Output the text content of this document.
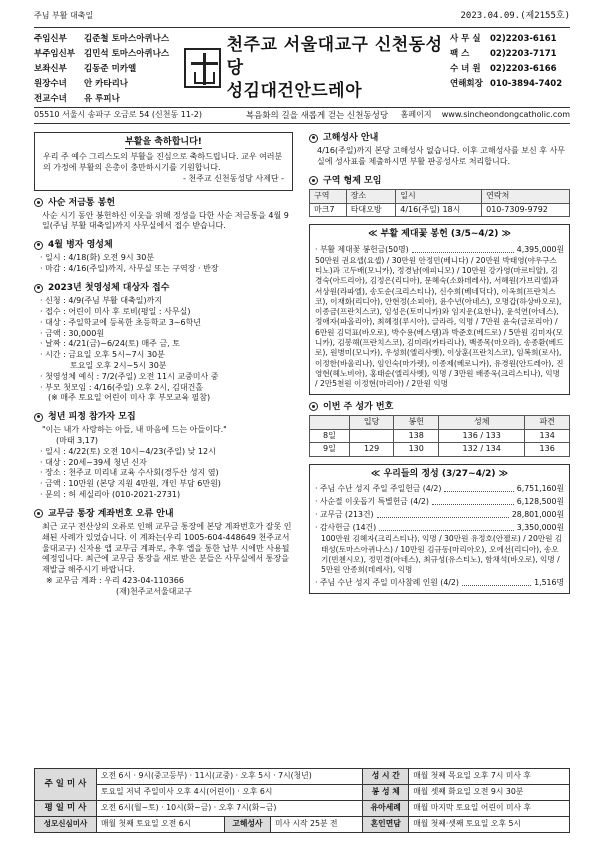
주님 부활 대축일	2023.04.09.(제2155호)
주임신부 김준철 토마스아퀴나스
부주임신부 김민석 토마스아퀴나스
보좌신부 김동준 미카엘
원장수녀 안 카타리나
전교수녀 유 루피나
천주교 서울대교구 신천동성당
성김대건안드레아
복음화의 길을 새롭게 걷는 신천동성당
사 무 실	02)2203-6161
팩 스	02)2203-7171
수 녀 원	02)2203-6166
연해회장 010-3894-7402
05510 서울시 송파구 오금로 54 (신천동 11-2)	홈페이지 www.sincheondongcatholic.com
부활을 축하합니다!

우리 주 예수 그리스도의 부활을 진심으로 축하드립니다. 교우 여러분의 가정에 부활의 은총이 충만하시기를 기원합니다.

- 천주교 신천동성당 사제단 -
사순 저금통 봉헌

사순 시기 동안 봉헌하신 이웃을 위해 정성을 다한 사순 저금통을 4월 9일(주님 부활 대축일)까지 사무실에서 접수 받습니다.

4월 병자 영성체
· 일시 : 4/18(화) 오전 9시 30분
· 마감 : 4/16(주일)까지, 사무실 또는 구역장 · 반장
2023년 첫영성체 대상자 접수
· 신청 : 4/9(주님 부활 대축일)까지
· 접수 : 어린이 미사 후 로비(평일 : 사무실)
· 대상 : 주일학교에 등록한 초등학교 3~6학년
· 금액 : 30,000원
· 날짜 : 4/21(금)~6/24(토) 매주 금, 토
· 시간 : 금요일 오후 5시~7시 30분
토요일 오후 2시~5시 30분
· 첫영성체 예식 : 7/2(주일) 오전 11시 교중미사 중
· 부모 첫모임 : 4/16(주일) 오후 2시, 김대건홀
(※ 매주 토요일 어린이 미사 후 부모교육 필참)
청년 피정 참가자 모집

"이는 내가 사랑하는 아들, 내 마음에 드는 아들이다."

(마태 3,17)

· 일시 : 4/22(토) 오전 10시~4/23(주일) 낮 12시
· 대상 : 20세~39세 청년 신자
· 장소 : 천주교 미리내 교육 수사회(경두산 성지 옆)
· 금액 : 10만원 (본당 지원 4만원, 개인 부담 6만원)
· 문의 : 허 세실리아 (010-2021-2731)
교무금 통장 계좌번호 오류 안내

최근 교구 전산상의 오류로 인해 교무금 통장에 본당 계좌번호가 잘못 인쇄된 사례가 있었습니다. 이 계좌는(우리 1005-604-448649 천주교서울대교구) 신자용 앱 교무금 계좌로, 추후 앱을 통한 납부 시에만 사용될 예정입니다. 최근에 교무금 통장을 새로 받은 분들은 사무실에서 통장을 재발급 해주시기 바랍니다.

※ 교무금 계좌 : 우리 423-04-110366

(재)천주교서울대교구

고해성사 안내

4/16(주일)까지 본당 고해성사 없습니다. 이후 고해성사를 보신 후 사무실에 성사표를 제출하시면 부활 판공성사로 처리합니다.

구역 형제 모임
구역	장소	일시	연락처
마크7	타대오방	4/16(주일) 18시	010-7309-9792
≪ 부활 제대꽃 봉헌 (3/5~4/2) ≫
· 부활 제대꽃 봉헌금(50명)	4,395,000원

50만원 권요셉(요셉) / 30만원 안정민(베니다) / 20만원 박태영(야우구스티노)과 고두배(모니카), 정경남(에피니모) / 10만원 강가영(마르티알), 김경숙(아드리아), 김정은(리디아), 문혜숙(소화데레사), 서혜원(가브리엘)과 서상원(라파엘), 송도순(크리스티나), 신수희(베네딕다), 이옥희(프란치스코), 이재화(리디아), 안현정(소피아), 윤수년(아네스), 오명갑(하상바오로), 이종금(프란치스코), 임성은(토미니카)와 임지운(요한나), 윤석연(아네스), 정애자(파올리아), 최혜정(루시아), 글라라, 익명 / 7만원 윤숙(글로리아) / 6만원 김덕표(바오로), 박수용(베스템)과 박준호(베드로) / 5만원 김미자(모니카), 김봉해(프란치스코), 김미라(카타리나), 백종목(마오라), 송종환(베드로), 원병미(모니카), 우성희(엘리사벳), 이상훈(프란치스코), 임복희(로사), 이정한(바울리나), 임인숙(마가렛), 이종제(베로니카), 유경원(안드레아), 진영현(헤노비아), 홍태순(엘리사벳), 익명 / 3만원 배종욱(크리스티나), 익명 / 2만5천원 이정현(마리아) / 2만원 익명

이번 주 성가 번호
	입당	봉헌	성체	파견
8일		138	136 / 133	134
9일	129	130	132 / 134	136
≪ 우리들의 정성 (3/27~4/2) ≫
· 주님 수난 성지 주일 주일헌금 (4/2)	6,751,160원
· 사순절 이웃돕기 특별헌금 (4/2)	6,128,500원
· 교무금 (213건)	28,801,000원
· 감사헌금 (14건)	3,350,000원

100만원 김혜자(크리스티나), 익명 / 30만원 유정호(안젤로) / 20만원 김태성(토마스아퀴나스) / 10만원 김규동(마리아오), 오에선(리디아), 송오기(빈첸시오), 정민경(아네스), 최규성(유스티노), 함채석(바오로), 익명 / 5만원 안종희(데레사), 익명

· 주님 수난 성지 주일 미사참례 인원 (4/2)	1,516명
주 일 미 사	오전 6시 · 9시(중고등부) · 11시(교중) · 오후 5시 · 7시(청년)			성 시 간	매월 첫째 목요일 오후 7시 미사 후
	토요일 저녁 주일미사 오후 4시(어린이) · 오후 6시			봉 성 체	매월 셋째 화요일 오전 9시 30분
평 일 미 사	오전 6시(월~토) · 10시(화~금) · 오후 7시(화~금)			유아세례	매월 마지막 토요일 어린이 미사 후
성모신심미사	매월 첫째 토요일 오전 6시	고해성사	미사 시작 25분 전	혼인면담	매월 첫째·셋째 토요일 오후 5시
